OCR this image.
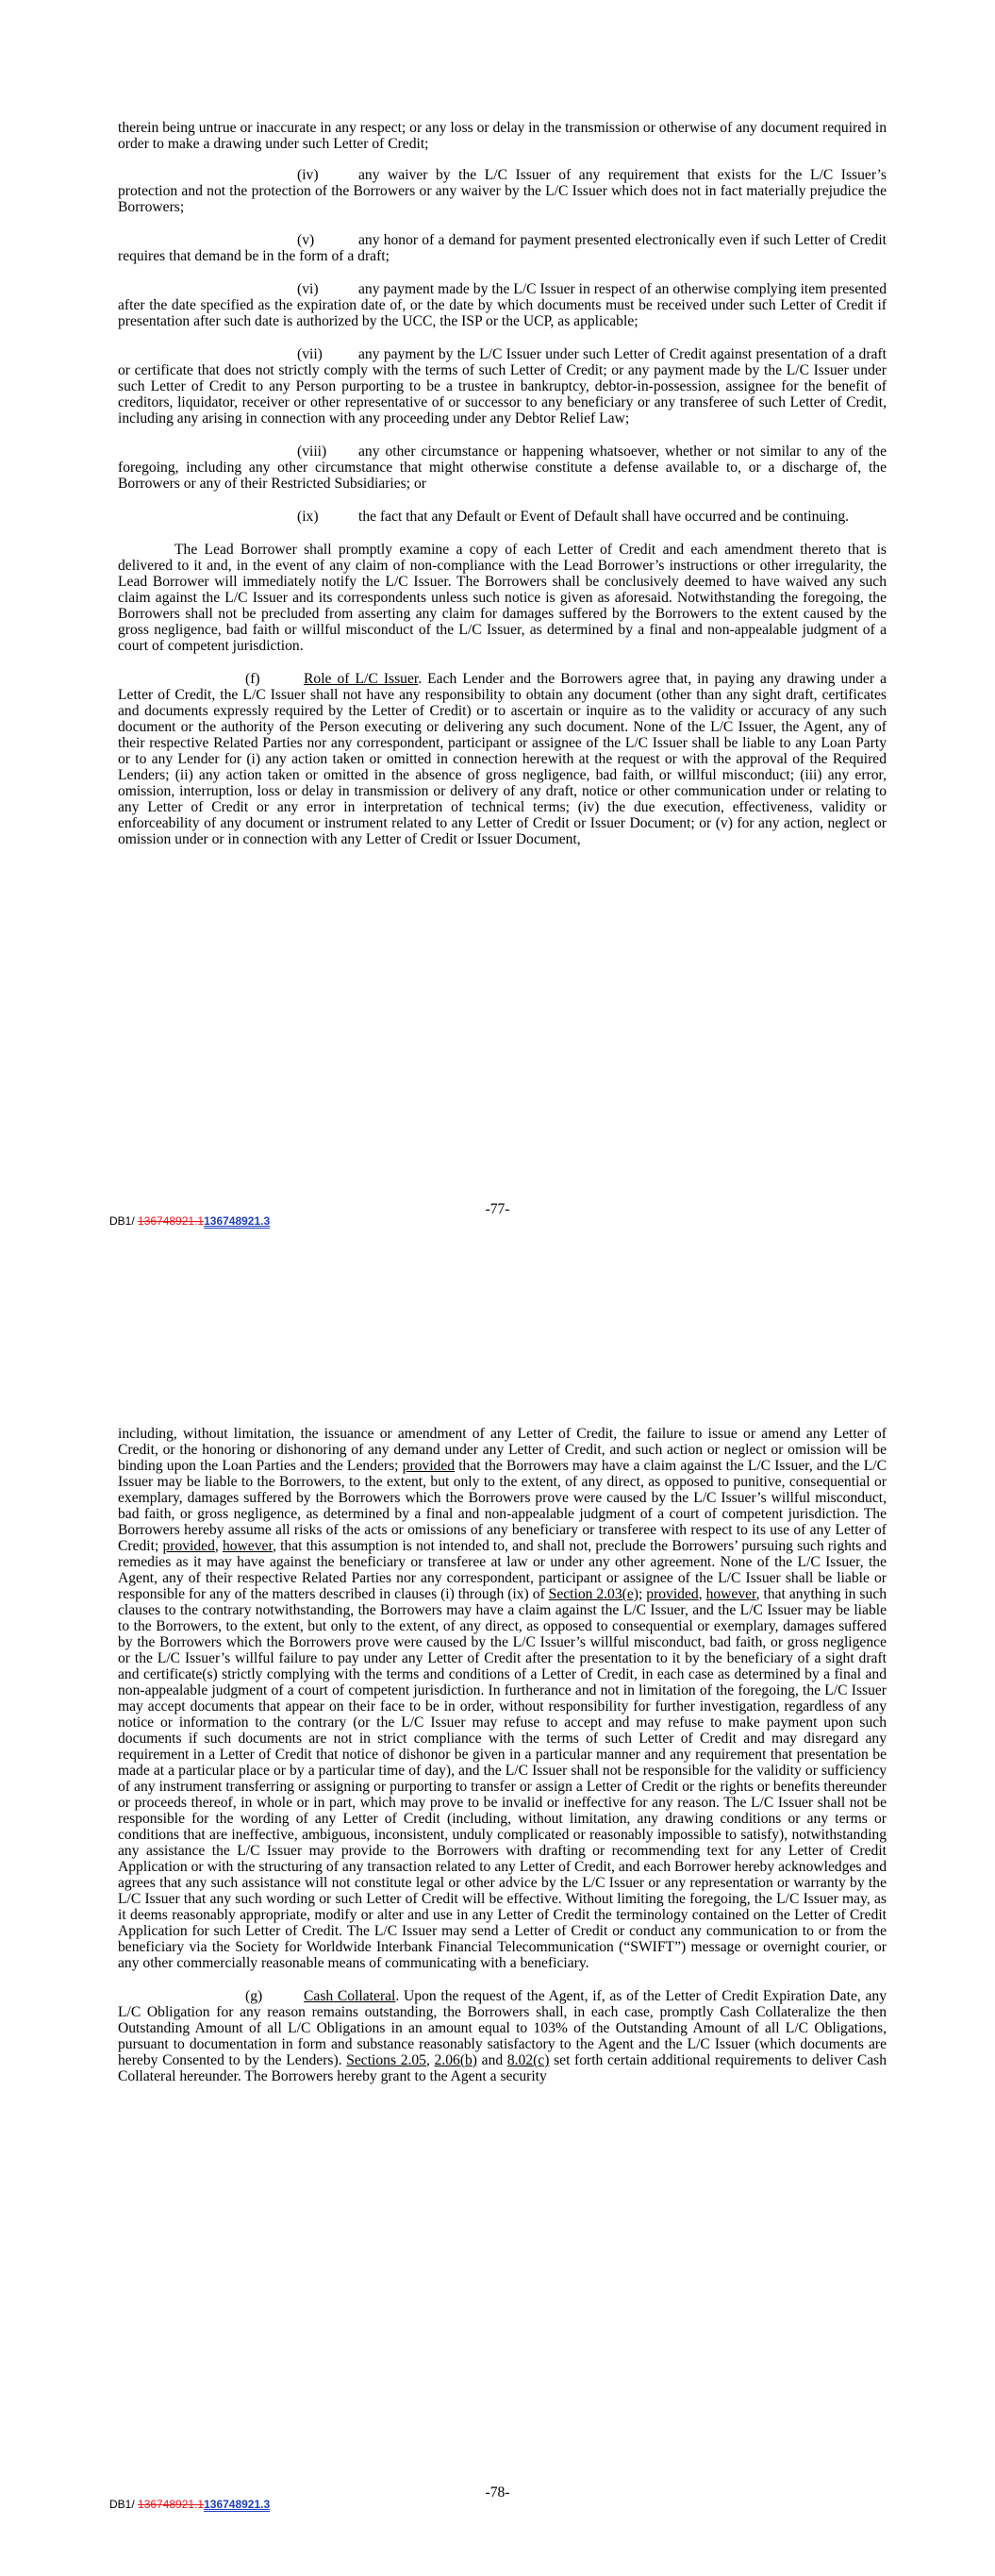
therein being untrue or inaccurate in any respect; or any loss or delay in the transmission or otherwise of any document required in order to make a drawing under such Letter of Credit;

(iv)	any waiver by the L/C Issuer of any requirement that exists for the L/C Issuer’s protection and not the protection of the Borrowers or any waiver by the L/C Issuer which does not in fact materially prejudice the Borrowers;

(v)	any honor of a demand for payment presented electronically even if such Letter of Credit requires that demand be in the form of a draft;

(vi)	any payment made by the L/C Issuer in respect of an otherwise complying item presented after the date specified as the expiration date of, or the date by which documents must be received under such Letter of Credit if presentation after such date is authorized by the UCC, the ISP or the UCP, as applicable;

(vii) any payment by the L/C Issuer under such Letter of Credit against presentation of a draft or certificate that does not strictly comply with the terms of such Letter of Credit; or any payment made by the L/C Issuer under such Letter of Credit to any Person purporting to be a trustee in bankruptcy, debtor-in-possession, assignee for the benefit of creditors, liquidator, receiver or other representative of or successor to any beneficiary or any transferee of such Letter of Credit, including any arising in connection with any proceeding under any Debtor Relief Law;

(viii) any other circumstance or happening whatsoever, whether or not similar to any of the foregoing, including any other circumstance that might otherwise constitute a defense available to, or a discharge of, the Borrowers or any of their Restricted Subsidiaries; or

(ix)	the fact that any Default or Event of Default shall have occurred and be continuing.

The Lead Borrower shall promptly examine a copy of each Letter of Credit and each amendment thereto that is delivered to it and, in the event of any claim of non-compliance with the Lead Borrower’s instructions or other irregularity, the Lead Borrower will immediately notify the L/C Issuer. The Borrowers shall be conclusively deemed to have waived any such claim against the L/C Issuer and its correspondents unless such notice is given as aforesaid. Notwithstanding the foregoing, the Borrowers shall not be precluded from asserting any claim for damages suffered by the Borrowers to the extent caused by the gross negligence, bad faith or willful misconduct of the L/C Issuer, as determined by a final and non-appealable judgment of a court of competent jurisdiction.

(f)	Role of L/C Issuer. Each Lender and the Borrowers agree that, in paying any drawing under a Letter of Credit, the L/C Issuer shall not have any responsibility to obtain any document (other than any sight draft, certificates and documents expressly required by the Letter of Credit) or to ascertain or inquire as to the validity or accuracy of any such document or the authority of the Person executing or delivering any such document. None of the L/C Issuer, the Agent, any of their respective Related Parties nor any correspondent, participant or assignee of the L/C Issuer shall be liable to any Loan Party or to any Lender for (i) any action taken or omitted in connection herewith at the request or with the approval of the Required Lenders; (ii) any action taken or omitted in the absence of gross negligence, bad faith, or willful misconduct; (iii) any error, omission, interruption, loss or delay in transmission or delivery of any draft, notice or other communication under or relating to any Letter of Credit or any error in interpretation of technical terms; (iv) the due execution, effectiveness, validity or enforceability of any document or instrument related to any Letter of Credit or Issuer Document; or (v) for any action, neglect or omission under or in connection with any Letter of Credit or Issuer Document,

-77-
DB1/ 136748921.1136748921.3

including, without limitation, the issuance or amendment of any Letter of Credit, the failure to issue or amend any Letter of Credit, or the honoring or dishonoring of any demand under any Letter of Credit, and such action or neglect or omission will be binding upon the Loan Parties and the Lenders; provided that the Borrowers may have a claim against the L/C Issuer, and the L/C Issuer may be liable to the Borrowers, to the extent, but only to the extent, of any direct, as opposed to punitive, consequential or exemplary, damages suffered by the Borrowers which the Borrowers prove were caused by the L/C Issuer’s willful misconduct, bad faith, or gross negligence, as determined by a final and non-appealable judgment of a court of competent jurisdiction. The Borrowers hereby assume all risks of the acts or omissions of any beneficiary or transferee with respect to its use of any Letter of Credit; provided, however, that this assumption is not intended to, and shall not, preclude the Borrowers’ pursuing such rights and remedies as it may have against the beneficiary or transferee at law or under any other agreement. None of the L/C Issuer, the Agent, any of their respective Related Parties nor any correspondent, participant or assignee of the L/C Issuer shall be liable or responsible for any of the matters described in clauses (i) through (ix) of Section 2.03(e); provided, however, that anything in such clauses to the contrary notwithstanding, the Borrowers may have a claim against the L/C Issuer, and the L/C Issuer may be liable to the Borrowers, to the extent, but only to the extent, of any direct, as opposed to consequential or exemplary, damages suffered by the Borrowers which the Borrowers prove were caused by the L/C Issuer’s willful misconduct, bad faith, or gross negligence or the L/C Issuer’s willful failure to pay under any Letter of Credit after the presentation to it by the beneficiary of a sight draft and certificate(s) strictly complying with the terms and conditions of a Letter of Credit, in each case as determined by a final and non-appealable judgment of a court of competent jurisdiction. In furtherance and not in limitation of the foregoing, the L/C Issuer may accept documents that appear on their face to be in order, without responsibility for further investigation, regardless of any notice or information to the contrary (or the L/C Issuer may refuse to accept and may refuse to make payment upon such documents if such documents are not in strict compliance with the terms of such Letter of Credit and may disregard any requirement in a Letter of Credit that notice of dishonor be given in a particular manner and any requirement that presentation be made at a particular place or by a particular time of day), and the L/C Issuer shall not be responsible for the validity or sufficiency of any instrument transferring or assigning or purporting to transfer or assign a Letter of Credit or the rights or benefits thereunder or proceeds thereof, in whole or in part, which may prove to be invalid or ineffective for any reason. The L/C Issuer shall not be responsible for the wording of any Letter of Credit (including, without limitation, any drawing conditions or any terms or conditions that are ineffective, ambiguous, inconsistent, unduly complicated or reasonably impossible to satisfy), notwithstanding any assistance the L/C Issuer may provide to the Borrowers with drafting or recommending text for any Letter of Credit Application or with the structuring of any transaction related to any Letter of Credit, and each Borrower hereby acknowledges and agrees that any such assistance will not constitute legal or other advice by the L/C Issuer or any representation or warranty by the L/C Issuer that any such wording or such Letter of Credit will be effective. Without limiting the foregoing, the L/C Issuer may, as it deems reasonably appropriate, modify or alter and use in any Letter of Credit the terminology contained on the Letter of Credit Application for such Letter of Credit. The L/C Issuer may send a Letter of Credit or conduct any communication to or from the beneficiary via the Society for Worldwide Interbank Financial Telecommunication (“SWIFT”) message or overnight courier, or any other commercially reasonable means of communicating with a beneficiary.

(g)	Cash Collateral. Upon the request of the Agent, if, as of the Letter of Credit Expiration Date, any L/C Obligation for any reason remains outstanding, the Borrowers shall, in each case, promptly Cash Collateralize the then Outstanding Amount of all L/C Obligations in an amount equal to 103% of the Outstanding Amount of all L/C Obligations, pursuant to documentation in form and substance reasonably satisfactory to the Agent and the L/C Issuer (which documents are hereby Consented to by the Lenders). Sections 2.05, 2.06(b) and 8.02(c) set forth certain additional requirements to deliver Cash Collateral hereunder. The Borrowers hereby grant to the Agent a security

-78-
DB1/ 136748921.1136748921.3
